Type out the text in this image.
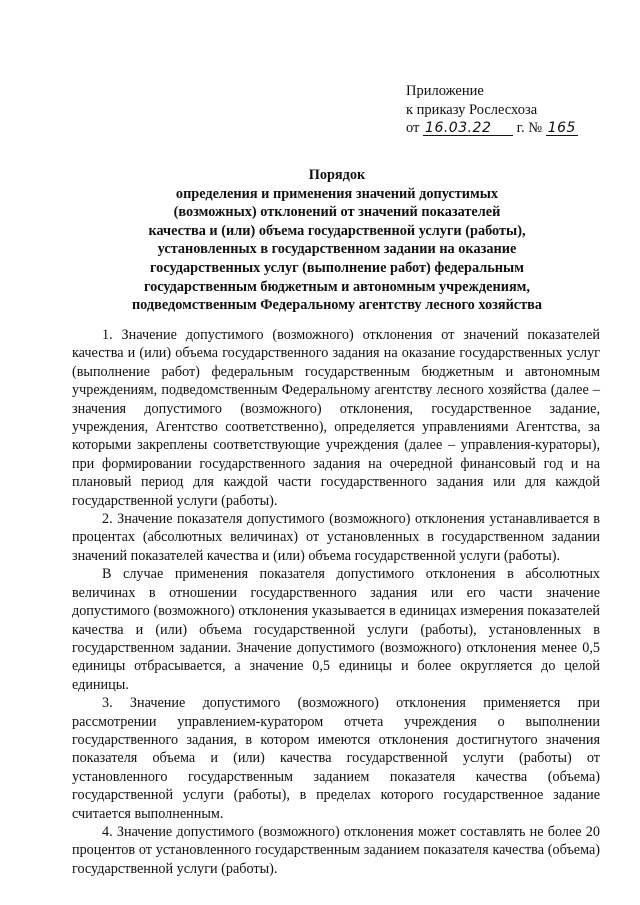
Приложение
к приказу Рослесхоза
от 16.03.22 г. № 165
Порядок
определения и применения значений допустимых
(возможных) отклонений от значений показателей
качества и (или) объема государственной услуги (работы),
установленных в государственном задании на оказание
государственных услуг (выполнение работ) федеральным
государственным бюджетным и автономным учреждениям,
подведомственным Федеральному агентству лесного хозяйства

1. Значение допустимого (возможного) отклонения от значений показателей качества и (или) объема государственного задания на оказание государственных услуг (выполнение работ) федеральным государственным бюджетным и автономным учреждениям, подведомственным Федеральному агентству лесного хозяйства (далее – значения допустимого (возможного) отклонения, государственное задание, учреждения, Агентство соответственно), определяется управлениями Агентства, за которыми закреплены соответствующие учреждения (далее – управления-кураторы), при формировании государственного задания на очередной финансовый год и на плановый период для каждой части государственного задания или для каждой государственной услуги (работы).

2. Значение показателя допустимого (возможного) отклонения устанавливается в процентах (абсолютных величинах) от установленных в государственном задании значений показателей качества и (или) объема государственной услуги (работы).

В случае применения показателя допустимого отклонения в абсолютных величинах в отношении государственного задания или его части значение допустимого (возможного) отклонения указывается в единицах измерения показателей качества и (или) объема государственной услуги (работы), установленных в государственном задании. Значение допустимого (возможного) отклонения менее 0,5 единицы отбрасывается, а значение 0,5 единицы и более округляется до целой единицы.

3. Значение допустимого (возможного) отклонения применяется при рассмотрении управлением-куратором отчета учреждения о выполнении государственного задания, в котором имеются отклонения достигнутого значения показателя объема и (или) качества государственной услуги (работы) от установленного государственным заданием показателя качества (объема) государственной услуги (работы), в пределах которого государственное задание считается выполненным.

4. Значение допустимого (возможного) отклонения может составлять не более 20 процентов от установленного государственным заданием показателя качества (объема) государственной услуги (работы).
